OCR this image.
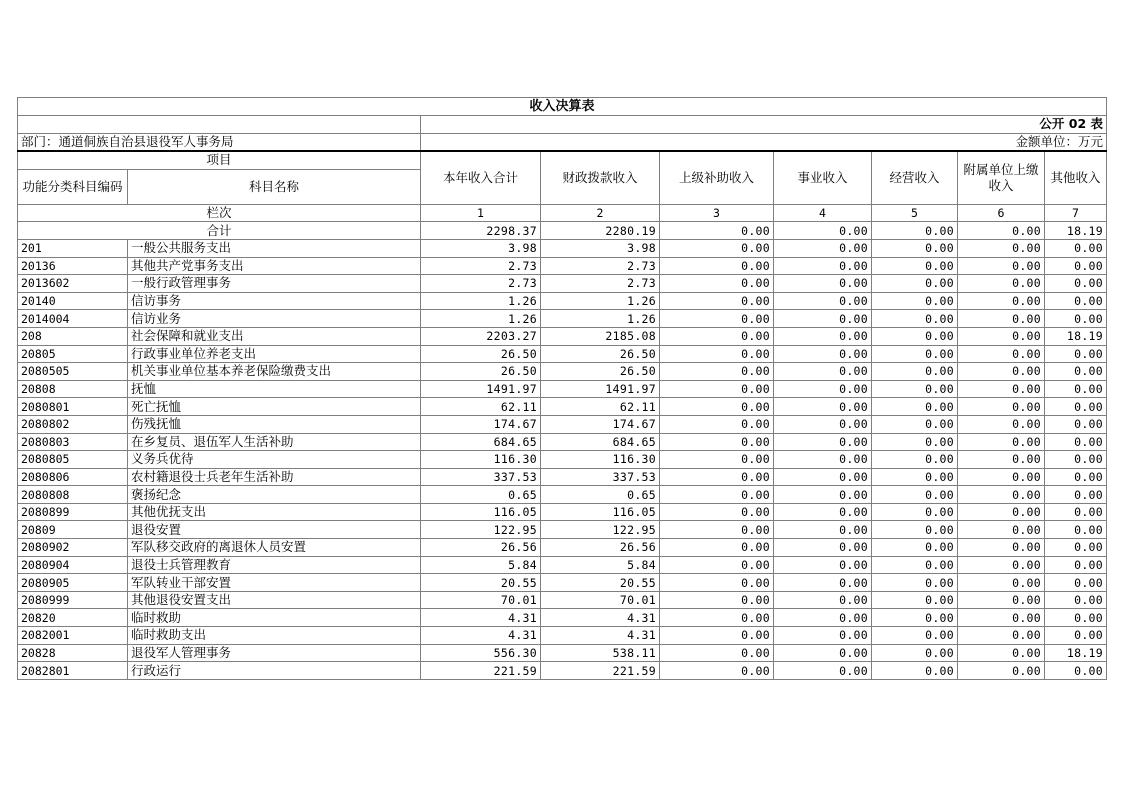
收入决算表								
		公开 02 表						
部门：通道侗族自治县退役军人事务局		金额单位：万元						
项目		本年收入合计	财政拨款收入	上级补助收入	事业收入	经营收入	附属单位上缴收入	其他收入
功能分类科目编码	科目名称							
栏次		1	2	3	4	5	6	7
合计		2298.37	2280.19	0.00	0.00	0.00	0.00	18.19
201	一般公共服务支出	3.98	3.98	0.00	0.00	0.00	0.00	0.00
20136	其他共产党事务支出	2.73	2.73	0.00	0.00	0.00	0.00	0.00
2013602	一般行政管理事务	2.73	2.73	0.00	0.00	0.00	0.00	0.00
20140	信访事务	1.26	1.26	0.00	0.00	0.00	0.00	0.00
2014004	信访业务	1.26	1.26	0.00	0.00	0.00	0.00	0.00
208	社会保障和就业支出	2203.27	2185.08	0.00	0.00	0.00	0.00	18.19
20805	行政事业单位养老支出	26.50	26.50	0.00	0.00	0.00	0.00	0.00
2080505	机关事业单位基本养老保险缴费支出	26.50	26.50	0.00	0.00	0.00	0.00	0.00
20808	抚恤	1491.97	1491.97	0.00	0.00	0.00	0.00	0.00
2080801	死亡抚恤	62.11	62.11	0.00	0.00	0.00	0.00	0.00
2080802	伤残抚恤	174.67	174.67	0.00	0.00	0.00	0.00	0.00
2080803	在乡复员、退伍军人生活补助	684.65	684.65	0.00	0.00	0.00	0.00	0.00
2080805	义务兵优待	116.30	116.30	0.00	0.00	0.00	0.00	0.00
2080806	农村籍退役士兵老年生活补助	337.53	337.53	0.00	0.00	0.00	0.00	0.00
2080808	褒扬纪念	0.65	0.65	0.00	0.00	0.00	0.00	0.00
2080899	其他优抚支出	116.05	116.05	0.00	0.00	0.00	0.00	0.00
20809	退役安置	122.95	122.95	0.00	0.00	0.00	0.00	0.00
2080902	军队移交政府的离退休人员安置	26.56	26.56	0.00	0.00	0.00	0.00	0.00
2080904	退役士兵管理教育	5.84	5.84	0.00	0.00	0.00	0.00	0.00
2080905	军队转业干部安置	20.55	20.55	0.00	0.00	0.00	0.00	0.00
2080999	其他退役安置支出	70.01	70.01	0.00	0.00	0.00	0.00	0.00
20820	临时救助	4.31	4.31	0.00	0.00	0.00	0.00	0.00
2082001	临时救助支出	4.31	4.31	0.00	0.00	0.00	0.00	0.00
20828	退役军人管理事务	556.30	538.11	0.00	0.00	0.00	0.00	18.19
2082801	行政运行	221.59	221.59	0.00	0.00	0.00	0.00	0.00
